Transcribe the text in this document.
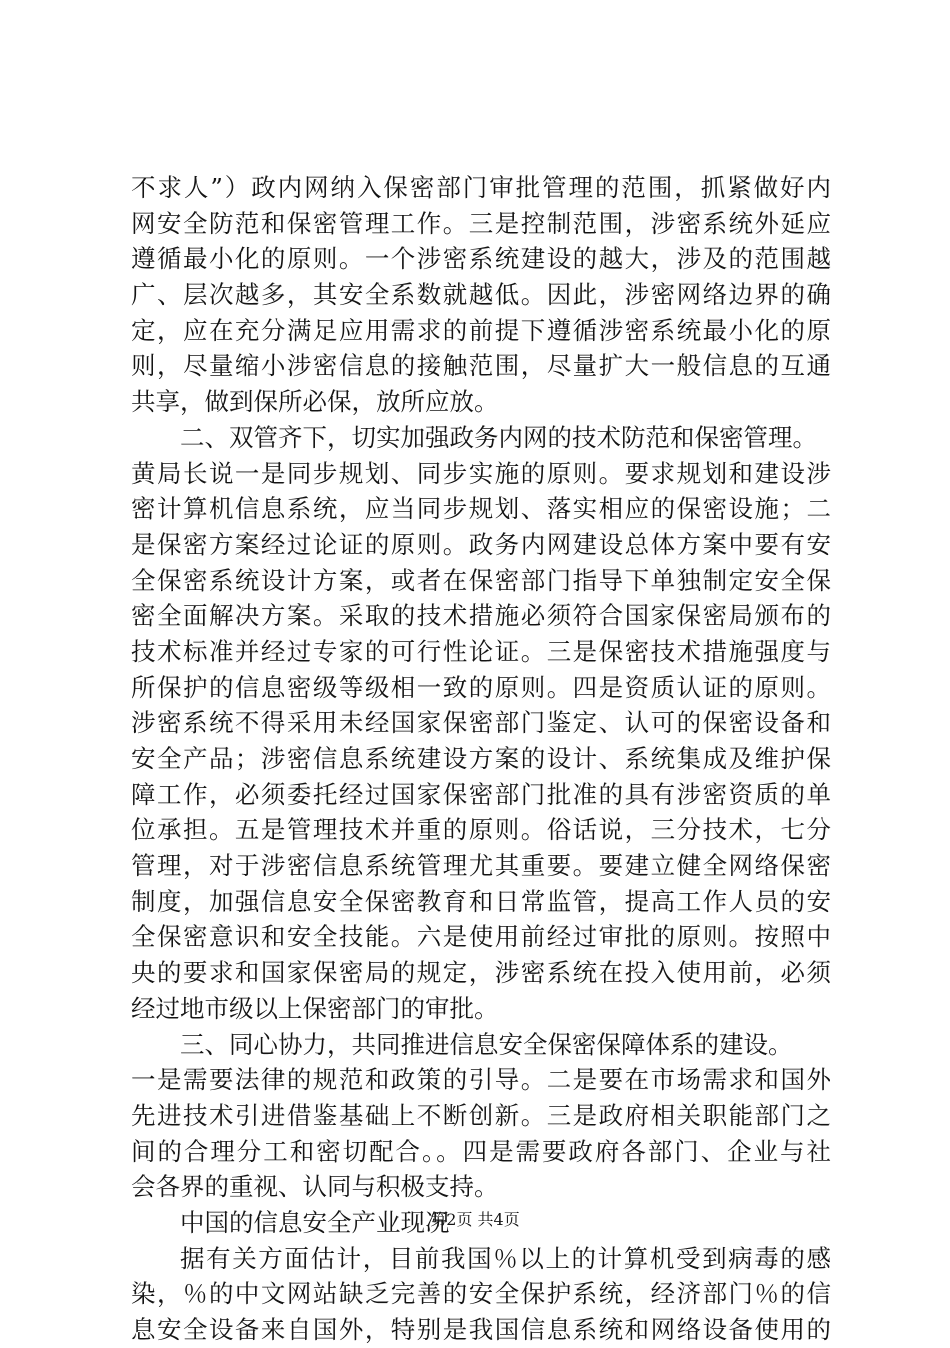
不求人”）政内网纳入保密部门审批管理的范围，抓紧做好内
网安全防范和保密管理工作。三是控制范围，涉密系统外延应
遵循最小化的原则。一个涉密系统建设的越大，涉及的范围越
广、层次越多，其安全系数就越低。因此，涉密网络边界的确
定，应在充分满足应用需求的前提下遵循涉密系统最小化的原
则，尽量缩小涉密信息的接触范围，尽量扩大一般信息的互通
共享，做到保所必保，放所应放。
二、双管齐下，切实加强政务内网的技术防范和保密管理。
黄局长说一是同步规划、同步实施的原则。要求规划和建设涉
密计算机信息系统，应当同步规划、落实相应的保密设施；二
是保密方案经过论证的原则。政务内网建设总体方案中要有安
全保密系统设计方案，或者在保密部门指导下单独制定安全保
密全面解决方案。采取的技术措施必须符合国家保密局颁布的
技术标准并经过专家的可行性论证。三是保密技术措施强度与
所保护的信息密级等级相一致的原则。四是资质认证的原则。
涉密系统不得采用未经国家保密部门鉴定、认可的保密设备和
安全产品；涉密信息系统建设方案的设计、系统集成及维护保
障工作，必须委托经过国家保密部门批准的具有涉密资质的单
位承担。五是管理技术并重的原则。俗话说，三分技术，七分
管理，对于涉密信息系统管理尤其重要。要建立健全网络保密
制度，加强信息安全保密教育和日常监管，提高工作人员的安
全保密意识和安全技能。六是使用前经过审批的原则。按照中
央的要求和国家保密局的规定，涉密系统在投入使用前，必须
经过地市级以上保密部门的审批。
三、同心协力，共同推进信息安全保密保障体系的建设。
一是需要法律的规范和政策的引导。二是要在市场需求和国外
先进技术引进借鉴基础上不断创新。三是政府相关职能部门之
间的合理分工和密切配合。。四是需要政府各部门、企业与社
会各界的重视、认同与积极支持。
中国的信息安全产业现况
据有关方面估计，目前我国％以上的计算机受到病毒的感
染，％的中文网站缺乏完善的安全保护系统，经济部门％的信
息安全设备来自国外，特别是我国信息系统和网络设备使用的
第2页 共4页
